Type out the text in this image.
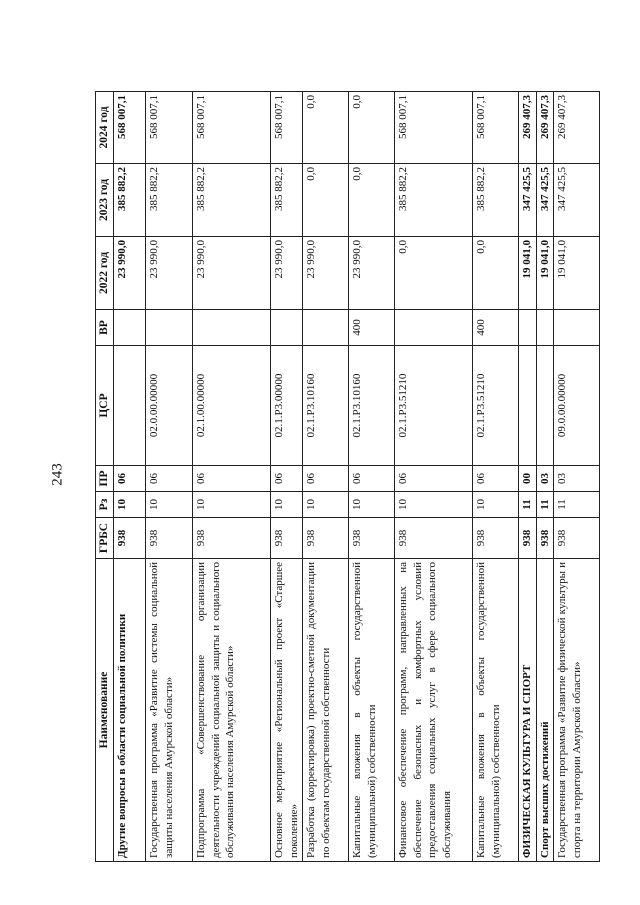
243
Наименование	ГРБС	Рз	ПР	ЦСР	ВР	2022 год	2023 год	2024 год
Другие вопросы в области социальной политики	938	10	06			23 990,0	385 882,2	568 007,1
Государственная программа «Развитие системы социальной защиты населения Амурской области»	938	10	06	02.0.00.00000		23 990,0	385 882,2	568 007,1
Подпрограмма «Совершенствование организации деятельности учреждений социальной защиты и социального обслуживания населения Амурской области»	938	10	06	02.1.00.00000		23 990,0	385 882,2	568 007,1
Основное мероприятие «Региональный проект «Старшее поколение»	938	10	06	02.1.P3.00000		23 990,0	385 882,2	568 007,1
Разработка (корректировка) проектно-сметной документации по объектам государственной собственности	938	10	06	02.1.P3.10160		23 990,0	0,0	0,0
Капитальные вложения в объекты государственной (муниципальной) собственности	938	10	06	02.1.P3.10160	400	23 990,0	0,0	0,0
Финансовое обеспечение программ, направленных на обеспечение безопасных и комфортных условий предоставления социальных услуг в сфере социального обслуживания	938	10	06	02.1.P3.51210		0,0	385 882,2	568 007,1
Капитальные вложения в объекты государственной (муниципальной) собственности	938	10	06	02.1.P3.51210	400	0,0	385 882,2	568 007,1
ФИЗИЧЕСКАЯ КУЛЬТУРА И СПОРТ	938	11	00			19 041,0	347 425,5	269 407,3
Спорт высших достижений	938	11	03			19 041,0	347 425,5	269 407,3
Государственная программа «Развитие физической культуры и спорта на территории Амурской области»	938	11	03	09.0.00.00000		19 041,0	347 425,5	269 407,3
